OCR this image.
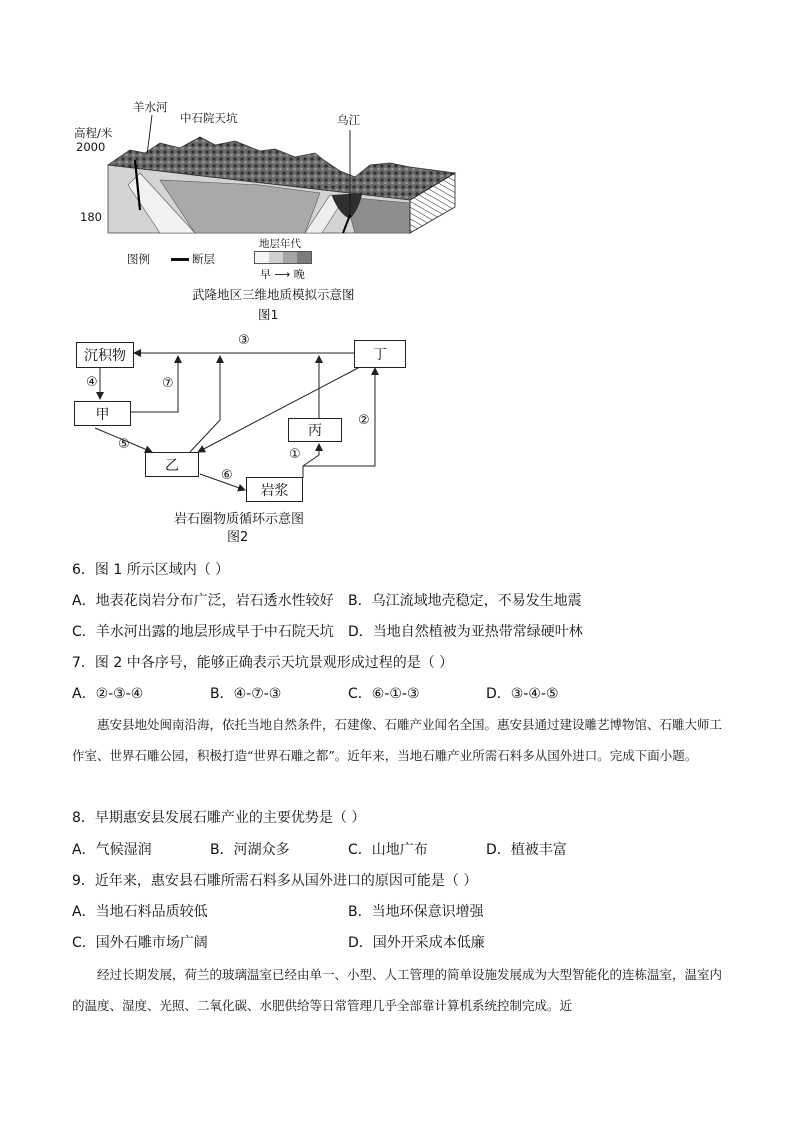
羊水河
中石院天坑	乌江
高程/米
2000
180
图例	断层
地层年代
早 ⟶ 晚
武隆地区三维地质模拟示意图
图1
沉积物	丁
甲
丙
乙
岩浆
③
④	⑦
⑤
⑥
①
②
岩石圈物质循环示意图
图2
6．图 1 所示区域内（ ）
A．地表花岗岩分布广泛，岩石透水性较好 B．乌江流域地壳稳定，不易发生地震
C．羊水河出露的地层形成早于中石院天坑 D．当地自然植被为亚热带常绿硬叶林
7．图 2 中各序号，能够正确表示天坑景观形成过程的是（ ）
A．②-③-④	B．④-⑦-③	C．⑥-①-③	D．③-④-⑤
惠安县地处闽南沿海，依托当地自然条件，石建像、石雕产业闻名全国。惠安县通过建设雕艺博物馆、石雕大师工作室、世界石雕公园，积极打造“世界石雕之都”。近年来，当地石雕产业所需石料多从国外进口。完成下面小题。
8．早期惠安县发展石雕产业的主要优势是（ ）
A．气候湿润	B．河湖众多	C．山地广布	D．植被丰富
9．近年来，惠安县石雕所需石料多从国外进口的原因可能是（ ）
A．当地石料品质较低	B．当地环保意识增强
C．国外石雕市场广阔	D．国外开采成本低廉
经过长期发展，荷兰的玻璃温室已经由单一、小型、人工管理的简单设施发展成为大型智能化的连栋温室，温室内的温度、湿度、光照、二氧化碳、水肥供给等日常管理几乎全部靠计算机系统控制完成。近
